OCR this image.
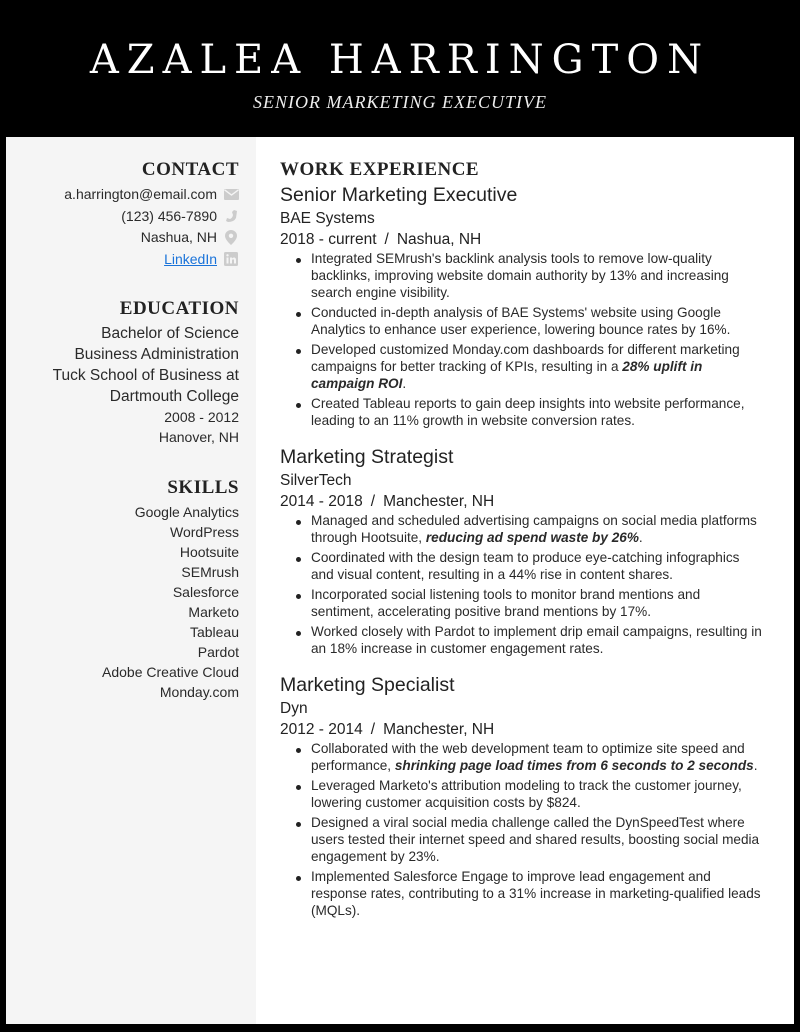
AZALEA HARRINGTON
SENIOR MARKETING EXECUTIVE
CONTACT
a.harrington@email.com
(123) 456-7890
Nashua, NH
LinkedIn
EDUCATION
Bachelor of Science
Business Administration
Tuck School of Business at
Dartmouth College
2008 - 2012
Hanover, NH
SKILLS
Google Analytics
WordPress
Hootsuite
SEMrush
Salesforce
Marketo
Tableau
Pardot
Adobe Creative Cloud
Monday.com
WORK EXPERIENCE
Senior Marketing Executive
BAE Systems
2018 - current / Nashua, NH
Integrated SEMrush's backlink analysis tools to remove low-quality backlinks, improving website domain authority by 13% and increasing search engine visibility.
Conducted in-depth analysis of BAE Systems' website using Google Analytics to enhance user experience, lowering bounce rates by 16%.
Developed customized Monday.com dashboards for different marketing campaigns for better tracking of KPIs, resulting in a 28% uplift in campaign ROI.
Created Tableau reports to gain deep insights into website performance, leading to an 11% growth in website conversion rates.
Marketing Strategist
SilverTech
2014 - 2018 / Manchester, NH
Managed and scheduled advertising campaigns on social media platforms through Hootsuite, reducing ad spend waste by 26%.
Coordinated with the design team to produce eye-catching infographics and visual content, resulting in a 44% rise in content shares.
Incorporated social listening tools to monitor brand mentions and sentiment, accelerating positive brand mentions by 17%.
Worked closely with Pardot to implement drip email campaigns, resulting in an 18% increase in customer engagement rates.
Marketing Specialist
Dyn
2012 - 2014 / Manchester, NH
Collaborated with the web development team to optimize site speed and performance, shrinking page load times from 6 seconds to 2 seconds.
Leveraged Marketo's attribution modeling to track the customer journey, lowering customer acquisition costs by $824.
Designed a viral social media challenge called the DynSpeedTest where users tested their internet speed and shared results, boosting social media engagement by 23%.
Implemented Salesforce Engage to improve lead engagement and response rates, contributing to a 31% increase in marketing-qualified leads (MQLs).
